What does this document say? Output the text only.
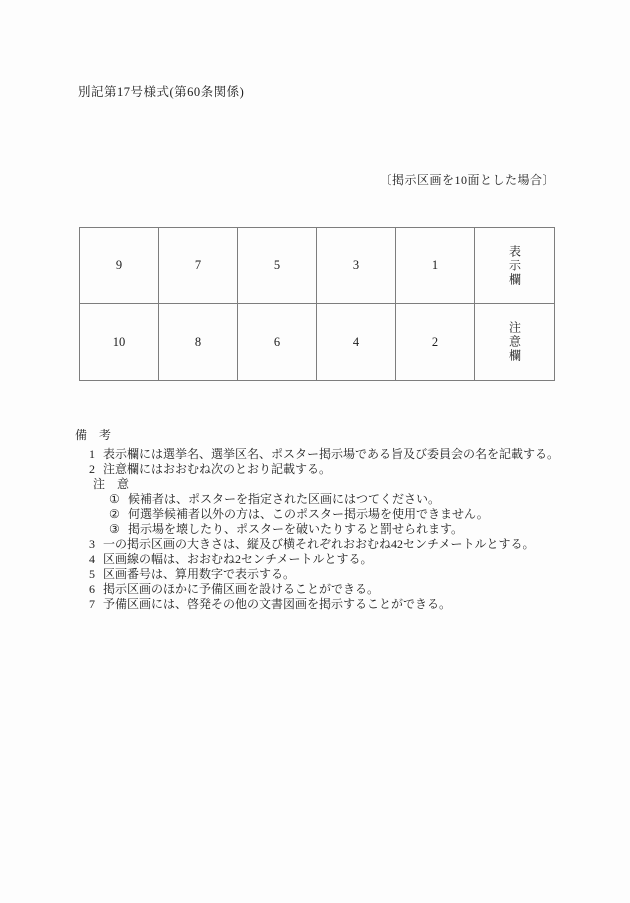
別記第17号様式(第60条関係)
〔掲示区画を10面とした場合〕
9	7	5	3	1	表示欄
10	8	6	4	2	注意欄
備　考
1 表示欄には選挙名、選挙区名、ポスター掲示場である旨及び委員会の名を記載する。
2 注意欄にはおおむね次のとおり記載する。
注　意
① 候補者は、ポスターを指定された区画にはつてください。
② 何選挙候補者以外の方は、このポスター掲示場を使用できません。
③ 掲示場を壊したり、ポスターを破いたりすると罰せられます。
3 一の掲示区画の大きさは、縦及び横それぞれおおむね42センチメートルとする。
4 区画線の幅は、おおむね2センチメートルとする。
5 区画番号は、算用数字で表示する。
6 掲示区画のほかに予備区画を設けることができる。
7 予備区画には、啓発その他の文書図画を掲示することができる。
